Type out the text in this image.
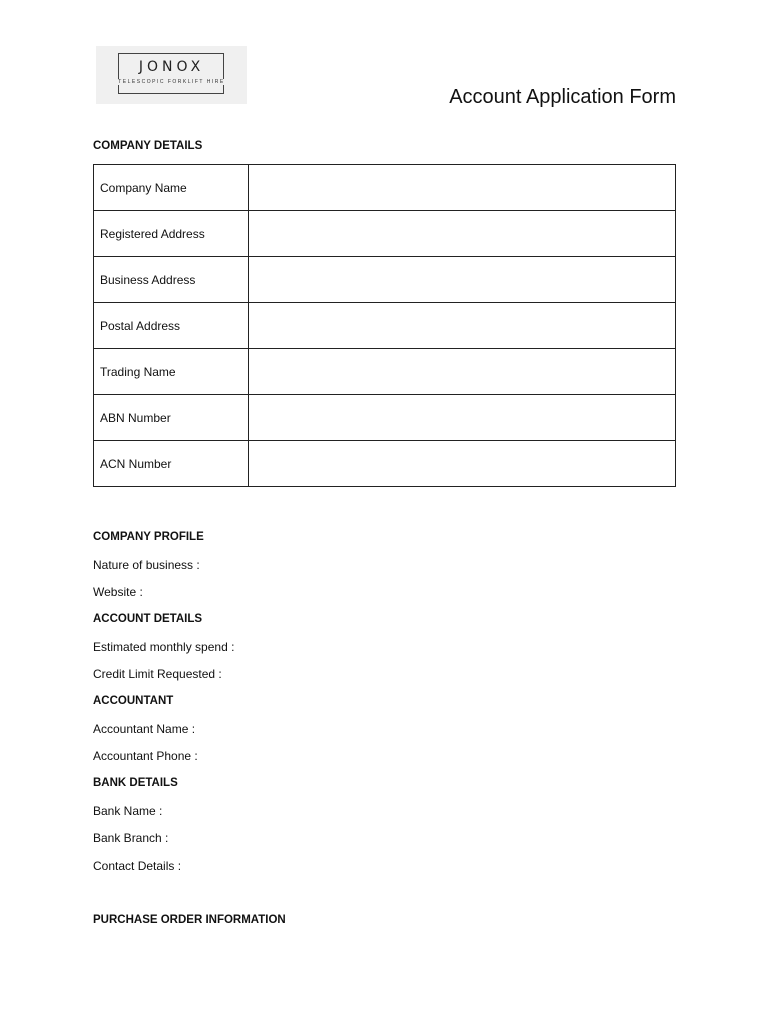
JONOX
TELESCOPIC FORKLIFT HIRE
Account Application Form
COMPANY DETAILS
Company Name	
Registered Address	
Business Address	
Postal Address	
Trading Name	
ABN Number	
ACN Number	
COMPANY PROFILE
Nature of business :
Website :
ACCOUNT DETAILS
Estimated monthly spend :
Credit Limit Requested :
ACCOUNTANT
Accountant Name :
Accountant Phone :
BANK DETAILS
Bank Name :
Bank Branch :
Contact Details :
PURCHASE ORDER INFORMATION
